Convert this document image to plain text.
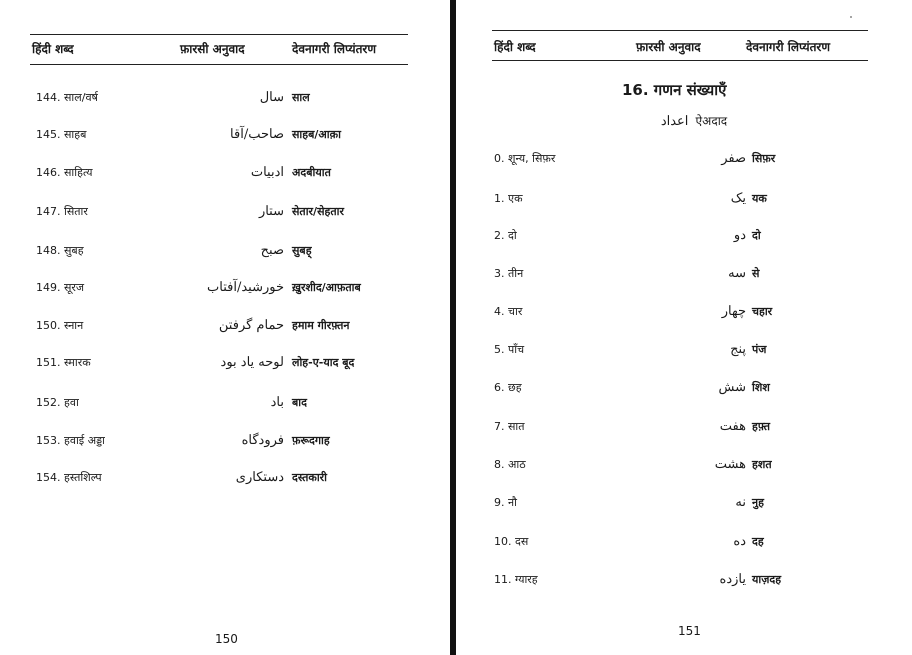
हिंदी शब्द	फ़ारसी अनुवाद	देवनागरी लिप्यंतरण
144. साल/वर्ष	سال साल
145. साहब	صاحب/آقا साहब/आक़ा
146. साहित्य	ادبیات अदबीयात
147. सितार	ستار सेतार/सेहतार
148. सुबह	صبح सुबह्
149. सूरज	خورشید/آفتاب ख़ुरशीद/आफ़ताब
150. स्नान	حمام گرفتن हमाम गीरफ़्तन
151. स्मारक	لوحه یاد بود लोह-ए-याद बूद
152. हवा	باد बाद
153. हवाई अड्डा	فرودگاه फ़रूदगाह
154. हस्तशिल्प	دستکاری दस्तकारी
150
हिंदी शब्द	फ़ारसी अनुवाद	देवनागरी लिप्यंतरण
16. गणन संख्याएँ
اعداد ऐअदाद
0. शून्य, सिफ़र	صفر सिफ़र
1. एक	یک यक
2. दो	دو दो
3. तीन	سه से
4. चार	چهار चहार
5. पाँच	پنج पंज
6. छह	شش शिश
7. सात	هفت हफ़्त
8. आठ	هشت हशत
9. नौ	نه नुह
10. दस	ده दह
11. ग्यारह	یازده याज़दह
151
